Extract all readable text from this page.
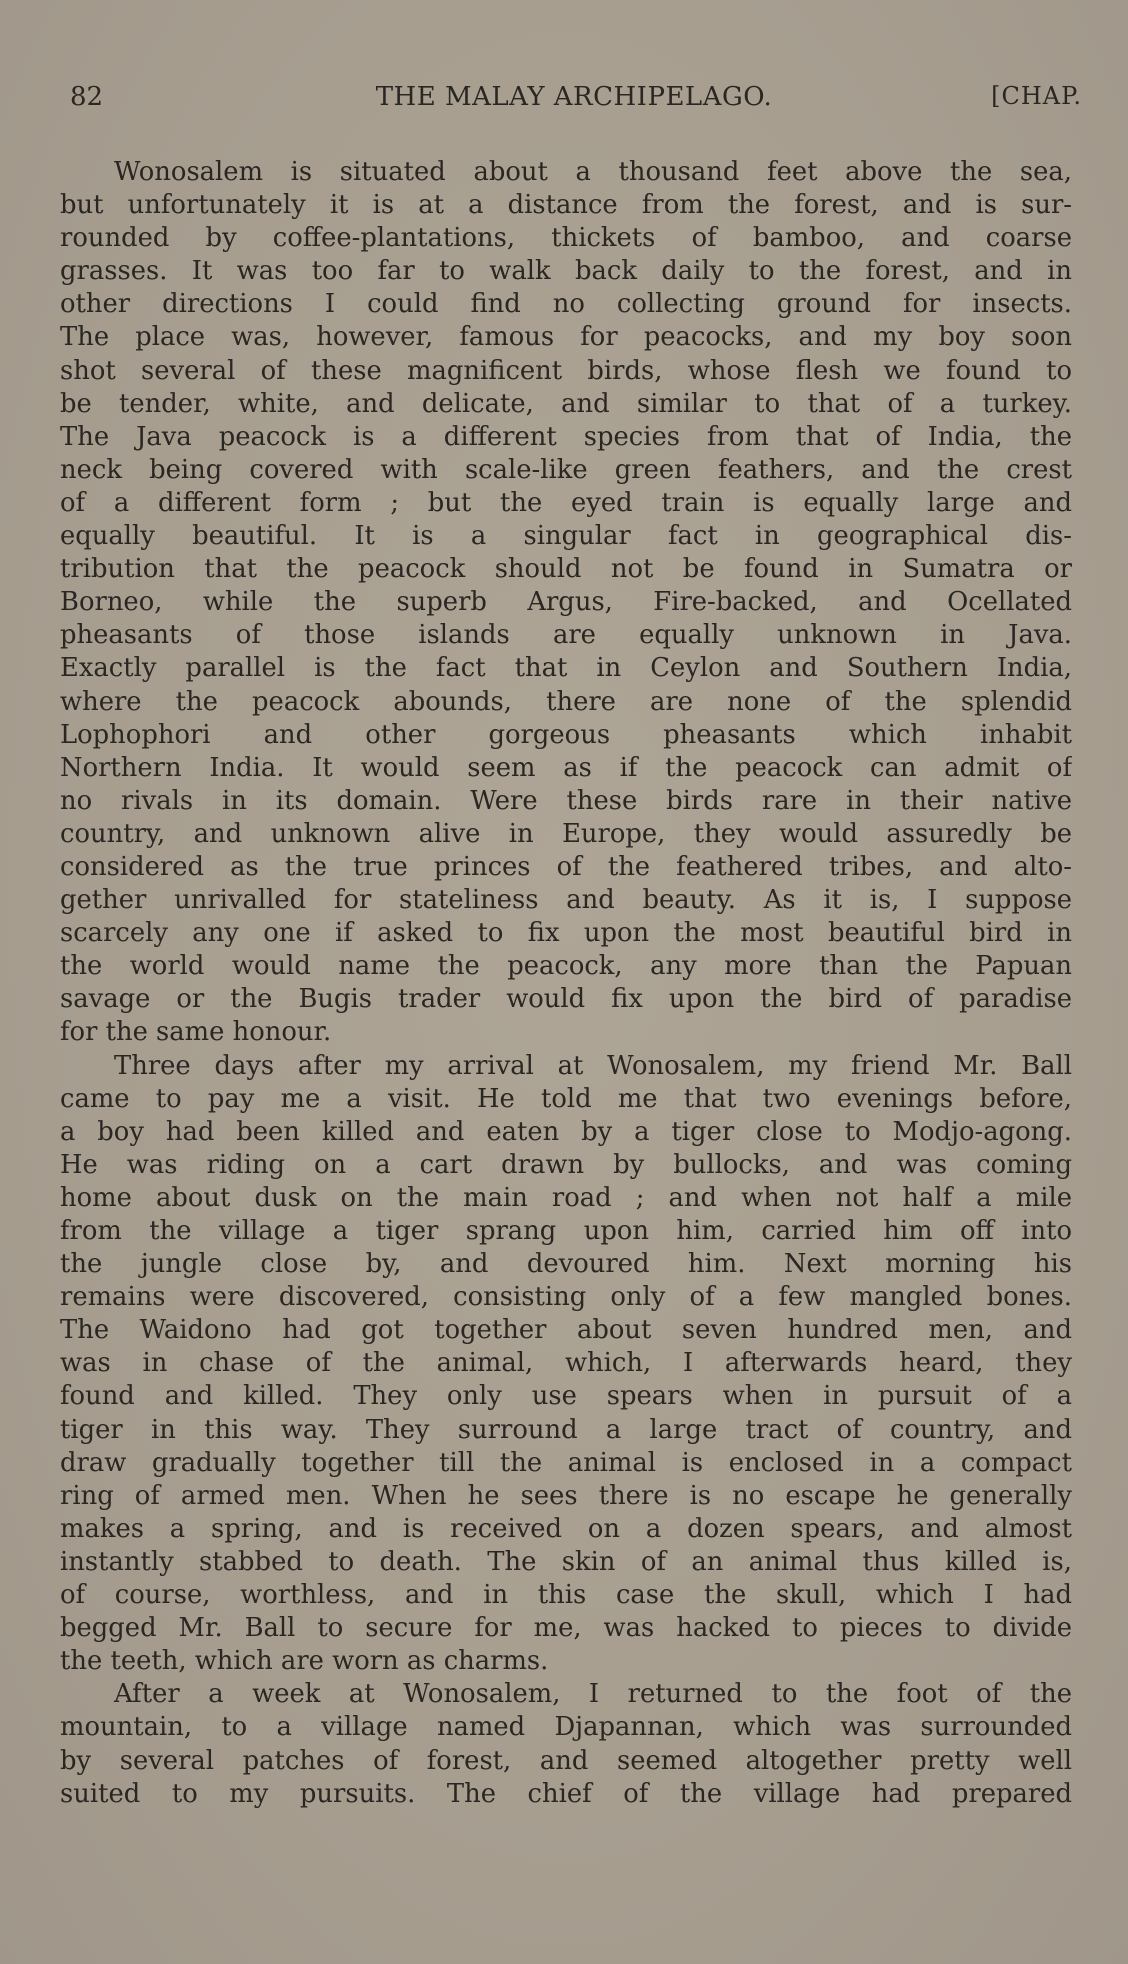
82	THE MALAY ARCHIPELAGO.	[CHAP.
Wonosalem is situated about a thousand feet above the sea,
but unfortunately it is at a distance from the forest, and is sur-
rounded by coffee-plantations, thickets of bamboo, and coarse
grasses. It was too far to walk back daily to the forest, and in
other directions I could find no collecting ground for insects.
The place was, however, famous for peacocks, and my boy soon
shot several of these magnificent birds, whose flesh we found to
be tender, white, and delicate, and similar to that of a turkey.
The Java peacock is a different species from that of India, the
neck being covered with scale-like green feathers, and the crest
of a different form ; but the eyed train is equally large and
equally beautiful. It is a singular fact in geographical dis-
tribution that the peacock should not be found in Sumatra or
Borneo, while the superb Argus, Fire-backed, and Ocellated
pheasants of those islands are equally unknown in Java.
Exactly parallel is the fact that in Ceylon and Southern India,
where the peacock abounds, there are none of the splendid
Lophophori and other gorgeous pheasants which inhabit
Northern India. It would seem as if the peacock can admit of
no rivals in its domain. Were these birds rare in their native
country, and unknown alive in Europe, they would assuredly be
considered as the true princes of the feathered tribes, and alto-
gether unrivalled for stateliness and beauty. As it is, I suppose
scarcely any one if asked to fix upon the most beautiful bird in
the world would name the peacock, any more than the Papuan
savage or the Bugis trader would fix upon the bird of paradise
for the same honour.
Three days after my arrival at Wonosalem, my friend Mr. Ball
came to pay me a visit. He told me that two evenings before,
a boy had been killed and eaten by a tiger close to Modjo-agong.
He was riding on a cart drawn by bullocks, and was coming
home about dusk on the main road ; and when not half a mile
from the village a tiger sprang upon him, carried him off into
the jungle close by, and devoured him. Next morning his
remains were discovered, consisting only of a few mangled bones.
The Waidono had got together about seven hundred men, and
was in chase of the animal, which, I afterwards heard, they
found and killed. They only use spears when in pursuit of a
tiger in this way. They surround a large tract of country, and
draw gradually together till the animal is enclosed in a compact
ring of armed men. When he sees there is no escape he generally
makes a spring, and is received on a dozen spears, and almost
instantly stabbed to death. The skin of an animal thus killed is,
of course, worthless, and in this case the skull, which I had
begged Mr. Ball to secure for me, was hacked to pieces to divide
the teeth, which are worn as charms.
After a week at Wonosalem, I returned to the foot of the
mountain, to a village named Djapannan, which was surrounded
by several patches of forest, and seemed altogether pretty well
suited to my pursuits. The chief of the village had prepared
